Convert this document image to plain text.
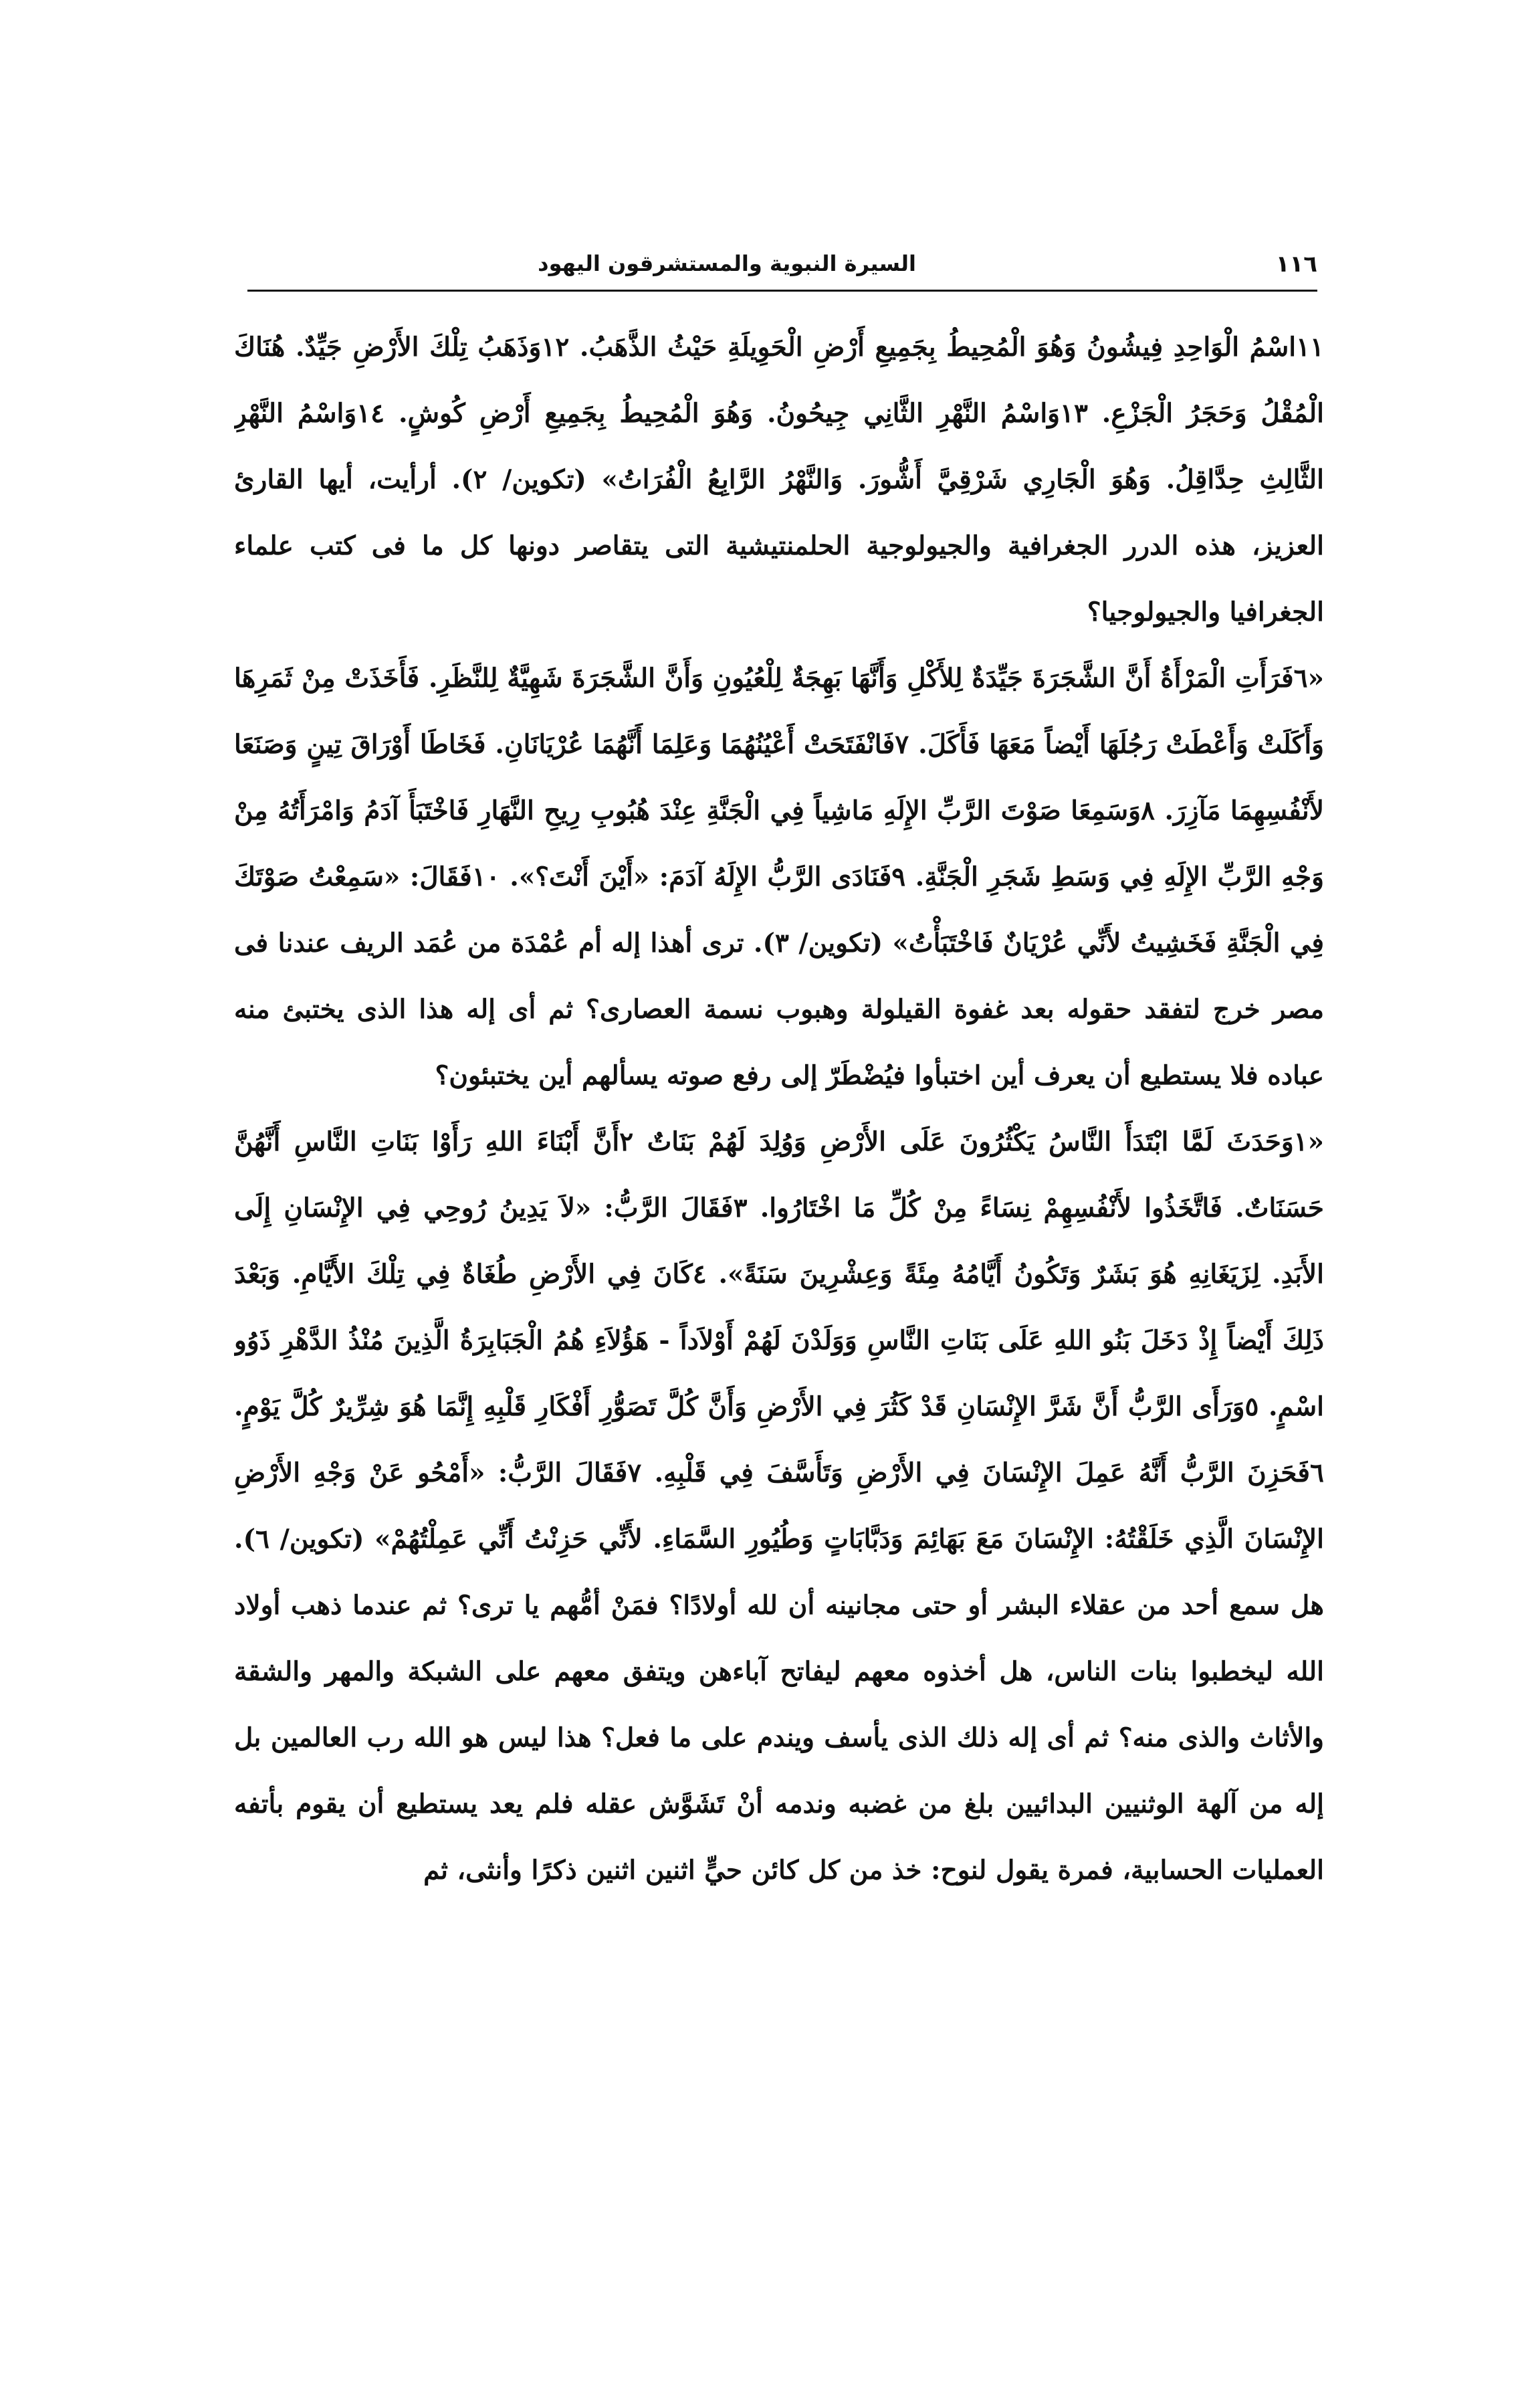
١١٦
السيرة النبوية والمستشرقون اليهود

١١اسْمُ الْوَاحِدِ فِيشُونُ وَهُوَ الْمُحِيطُ بِجَمِيعِ أَرْضِ الْحَوِيلَةِ حَيْثُ الذَّهَبُ. ١٢وَذَهَبُ تِلْكَ الأَرْضِ جَيِّدٌ. هُنَاكَ الْمُقْلُ وَحَجَرُ الْجَزْعِ. ١٣وَاسْمُ النَّهْرِ الثَّانِي جِيحُونُ. وَهُوَ الْمُحِيطُ بِجَمِيعِ أَرْضِ كُوشٍ. ١٤وَاسْمُ النَّهْرِ الثَّالِثِ حِدَّاقِلُ. وَهُوَ الْجَارِي شَرْقِيَّ أَشُّورَ. وَالنَّهْرُ الرَّابِعُ الْفُرَاتُ» (تكوين/ ٢). أرأيت، أيها القارئ العزيز، هذه الدرر الجغرافية والجيولوجية الحلمنتيشية التى يتقاصر دونها كل ما فى كتب علماء الجغرافيا والجيولوجيا؟

«٦فَرَأَتِ الْمَرْأَةُ أَنَّ الشَّجَرَةَ جَيِّدَةٌ لِلأَكْلِ وَأَنَّهَا بَهِجَةٌ لِلْعُيُونِ وَأَنَّ الشَّجَرَةَ شَهِيَّةٌ لِلنَّظَرِ. فَأَخَذَتْ مِنْ ثَمَرِهَا وَأَكَلَتْ وَأَعْطَتْ رَجُلَهَا أَيْضاً مَعَهَا فَأَكَلَ. ٧فَانْفَتَحَتْ أَعْيُنُهُمَا وَعَلِمَا أَنَّهُمَا عُرْيَانَانِ. فَخَاطَا أَوْرَاقَ تِينٍ وَصَنَعَا لأَنْفُسِهِمَا مَآزِرَ. ٨وَسَمِعَا صَوْتَ الرَّبِّ الإِلَهِ مَاشِياً فِي الْجَنَّةِ عِنْدَ هُبُوبِ رِيحِ النَّهَارِ فَاخْتَبَأَ آدَمُ وَامْرَأَتُهُ مِنْ وَجْهِ الرَّبِّ الإِلَهِ فِي وَسَطِ شَجَرِ الْجَنَّةِ. ٩فَنَادَى الرَّبُّ الإِلَهُ آدَمَ: «أَيْنَ أَنْتَ؟». ١٠فَقَالَ: «سَمِعْتُ صَوْتَكَ فِي الْجَنَّةِ فَخَشِيتُ لأَنِّي عُرْيَانٌ فَاخْتَبَأْتُ» (تكوين/ ٣). ترى أهذا إله أم عُمْدَة من عُمَد الريف عندنا فى مصر خرج لتفقد حقوله بعد غفوة القيلولة وهبوب نسمة العصارى؟ ثم أى إله هذا الذى يختبئ منه عباده فلا يستطيع أن يعرف أين اختبأوا فيُضْطَرّ إلى رفع صوته يسألهم أين يختبئون؟

«١وَحَدَثَ لَمَّا ابْتَدَأَ النَّاسُ يَكْثُرُونَ عَلَى الأَرْضِ وَوُلِدَ لَهُمْ بَنَاتٌ ٢أَنَّ أَبْنَاءَ اللهِ رَأَوْا بَنَاتِ النَّاسِ أَنَّهُنَّ حَسَنَاتٌ. فَاتَّخَذُوا لأَنْفُسِهِمْ نِسَاءً مِنْ كُلِّ مَا اخْتَارُوا. ٣فَقَالَ الرَّبُّ: «لاَ يَدِينُ رُوحِي فِي الإِنْسَانِ إِلَى الأَبَدِ. لِزَيَغَانِهِ هُوَ بَشَرٌ وَتَكُونُ أَيَّامُهُ مِئَةً وَعِشْرِينَ سَنَةً». ٤كَانَ فِي الأَرْضِ طُغَاةٌ فِي تِلْكَ الأَيَّامِ. وَبَعْدَ ذَلِكَ أَيْضاً إِذْ دَخَلَ بَنُو اللهِ عَلَى بَنَاتِ النَّاسِ وَوَلَدْنَ لَهُمْ أَوْلاَداً - هَؤُلاَءِ هُمُ الْجَبَابِرَةُ الَّذِينَ مُنْذُ الدَّهْرِ ذَوُو اسْمٍ. ٥وَرَأَى الرَّبُّ أَنَّ شَرَّ الإِنْسَانِ قَدْ كَثُرَ فِي الأَرْضِ وَأَنَّ كُلَّ تَصَوُّرِ أَفْكَارِ قَلْبِهِ إِنَّمَا هُوَ شِرِّيرٌ كُلَّ يَوْمٍ. ٦فَحَزِنَ الرَّبُّ أَنَّهُ عَمِلَ الإِنْسَانَ فِي الأَرْضِ وَتَأَسَّفَ فِي قَلْبِهِ. ٧فَقَالَ الرَّبُّ: «أَمْحُو عَنْ وَجْهِ الأَرْضِ الإِنْسَانَ الَّذِي خَلَقْتُهُ: الإِنْسَانَ مَعَ بَهَائِمَ وَدَبَّابَاتٍ وَطُيُورِ السَّمَاءِ. لأَنِّي حَزِنْتُ أَنِّي عَمِلْتُهُمْ» (تكوين/ ٦). هل سمع أحد من عقلاء البشر أو حتى مجانينه أن لله أولادًا؟ فمَنْ أمُّهم يا ترى؟ ثم عندما ذهب أولاد الله ليخطبوا بنات الناس، هل أخذوه معهم ليفاتح آباءهن ويتفق معهم على الشبكة والمهر والشقة والأثاث والذى منه؟ ثم أى إله ذلك الذى يأسف ويندم على ما فعل؟ هذا ليس هو الله رب العالمين بل إله من آلهة الوثنيين البدائيين بلغ من غضبه وندمه أنْ تَشَوَّش عقله فلم يعد يستطيع أن يقوم بأتفه العمليات الحسابية، فمرة يقول لنوح: خذ من كل كائن حيٍّ اثنين اثنين ذكرًا وأنثى، ثم
